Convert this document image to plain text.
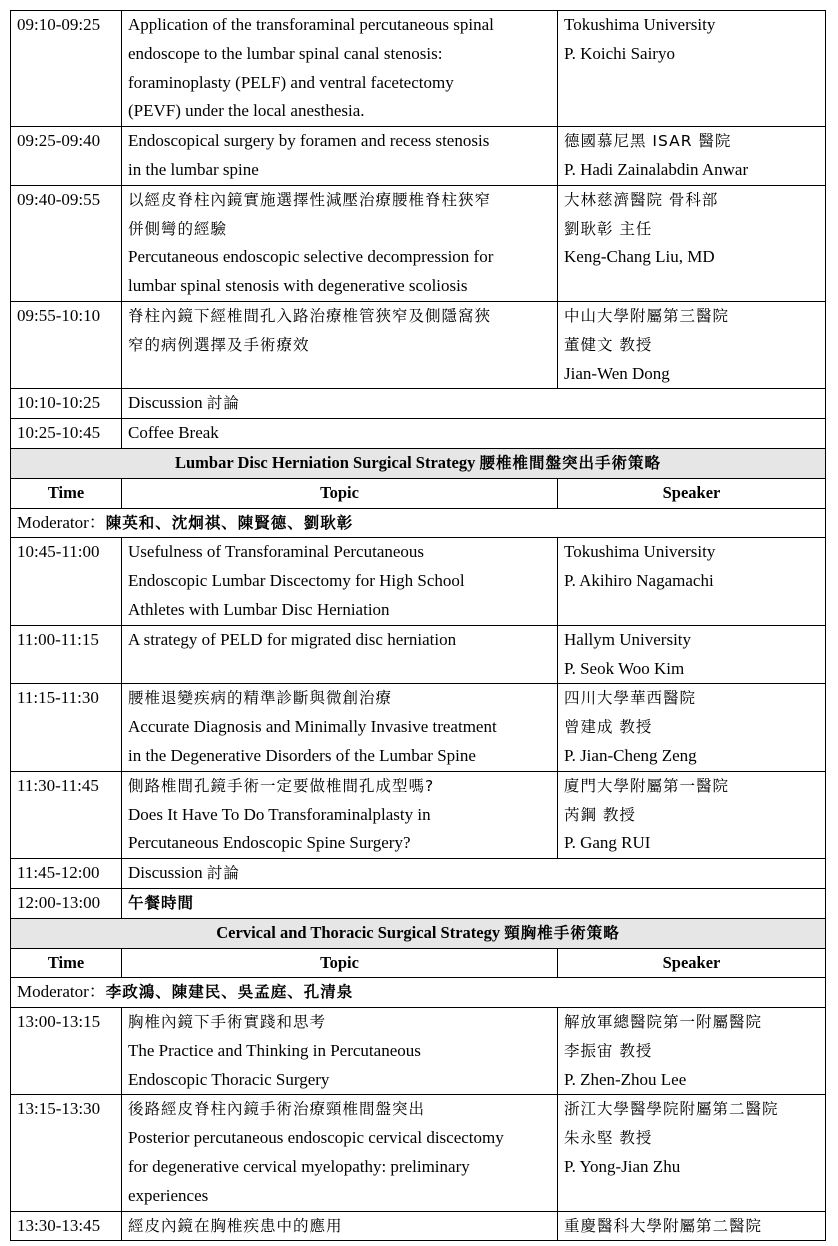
09:10-09:25	Application of the transforaminal percutaneous spinal
endoscope to the lumbar spinal canal stenosis:
foraminoplasty (PELF) and ventral facetectomy
(PEVF) under the local anesthesia.	Tokushima University
P. Koichi Sairyo

09:25-09:40	Endoscopical surgery by foramen and recess stenosis
in the lumbar spine	德國慕尼黑 ISAR 醫院
P. Hadi Zainalabdin Anwar

09:40-09:55	以經皮脊柱內鏡實施選擇性減壓治療腰椎脊柱狹窄
併側彎的經驗
Percutaneous endoscopic selective decompression for
lumbar spinal stenosis with degenerative scoliosis	大林慈濟醫院 骨科部
劉耿彰 主任
Keng-Chang Liu, MD

09:55-10:10	脊柱內鏡下經椎間孔入路治療椎管狹窄及側隱窩狹
窄的病例選擇及手術療效	中山大學附屬第三醫院
董健文 教授
Jian-Wen Dong

10:10-10:25	Discussion 討論	
10:25-10:45	Coffee Break	
Lumbar Disc Herniation Surgical Strategy 腰椎椎間盤突出手術策略		
Time	Topic	Speaker
Moderator：陳英和、沈炯祺、陳賢德、劉耿彰		
10:45-11:00	Usefulness of Transforaminal Percutaneous
Endoscopic Lumbar Discectomy for High School
Athletes with Lumbar Disc Herniation	Tokushima University
P. Akihiro Nagamachi

11:00-11:15	A strategy of PELD for migrated disc herniation	Hallym University
P. Seok Woo Kim

11:15-11:30	腰椎退變疾病的精準診斷與微創治療
Accurate Diagnosis and Minimally Invasive treatment
in the Degenerative Disorders of the Lumbar Spine	四川大學華西醫院
曾建成 教授
P. Jian-Cheng Zeng

11:30-11:45	側路椎間孔鏡手術一定要做椎間孔成型嗎?
Does It Have To Do Transforaminalplasty in
Percutaneous Endoscopic Spine Surgery?	廈門大學附屬第一醫院
芮鋼 教授
P. Gang RUI

11:45-12:00	Discussion 討論	
12:00-13:00	午餐時間	
Cervical and Thoracic Surgical Strategy 頸胸椎手術策略		
Time	Topic	Speaker
Moderator：李政鴻、陳建民、吳孟庭、孔清泉		
13:00-13:15	胸椎內鏡下手術實踐和思考
The Practice and Thinking in Percutaneous
Endoscopic Thoracic Surgery	解放軍總醫院第一附屬醫院
李振宙 教授
P. Zhen-Zhou Lee

13:15-13:30	後路經皮脊柱內鏡手術治療頸椎間盤突出
Posterior percutaneous endoscopic cervical discectomy
for degenerative cervical myelopathy: preliminary
experiences	浙江大學醫學院附屬第二醫院
朱永堅 教授
P. Yong-Jian Zhu

13:30-13:45	經皮內鏡在胸椎疾患中的應用	重慶醫科大學附屬第二醫院
